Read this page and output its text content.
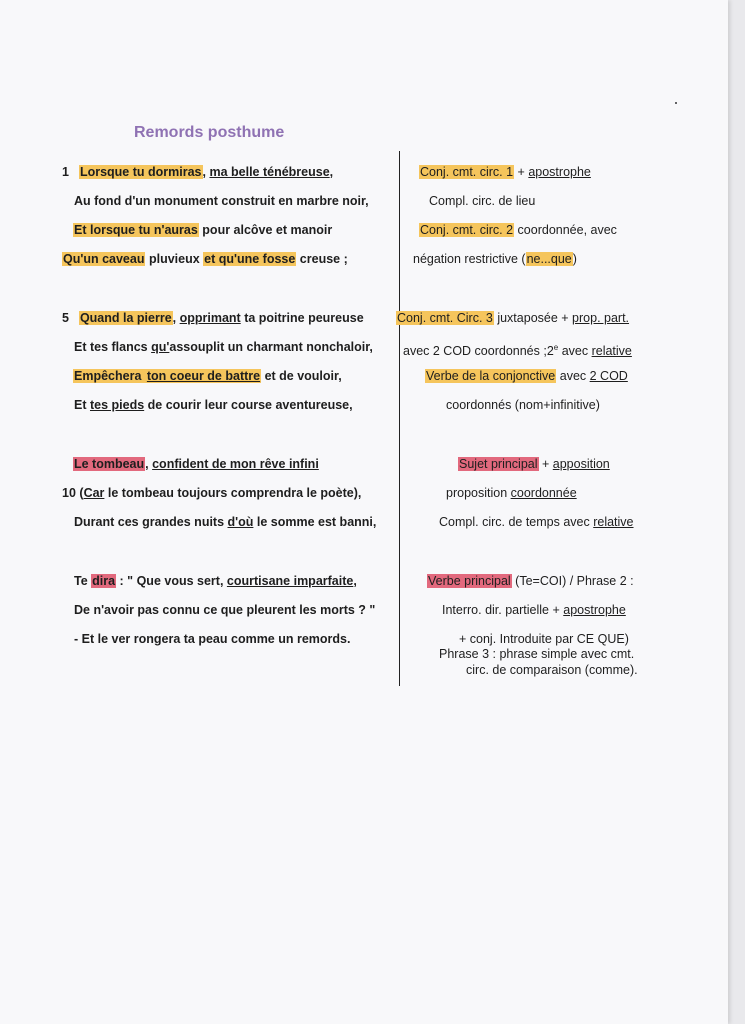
Remords posthume
1 Lorsque tu dormiras, ma belle ténébreuse,
Au fond d'un monument construit en marbre noir,
Et lorsque tu n'auras pour alcôve et manoir
Qu'un caveau pluvieux et qu'une fosse creuse ;
5 Quand la pierre, opprimant ta poitrine peureuse
Et tes flancs qu'assouplit un charmant nonchaloir,
Empêchera ton coeur de battre et de vouloir,
Et tes pieds de courir leur course aventureuse,
Le tombeau, confident de mon rêve infini
10 (Car le tombeau toujours comprendra le poète),
Durant ces grandes nuits d'où le somme est banni,
Te dira : " Que vous sert, courtisane imparfaite,
De n'avoir pas connu ce que pleurent les morts ? "
- Et le ver rongera ta peau comme un remords.
Conj. cmt. circ. 1 + apostrophe
Compl. circ. de lieu
Conj. cmt. circ. 2 coordonnée, avec
négation restrictive (ne...que)
Conj. cmt. Circ. 3 juxtaposée + prop. part.
avec 2 COD coordonnés ;2e avec relative
Verbe de la conjonctive avec 2 COD
coordonnés (nom+infinitive)
Sujet principal + apposition
proposition coordonnée
Compl. circ. de temps avec relative
Verbe principal (Te=COI) / Phrase 2 :
Interro. dir. partielle + apostrophe
+ conj. Introduite par CE QUE)
Phrase 3 : phrase simple avec cmt.
circ. de comparaison (comme).
